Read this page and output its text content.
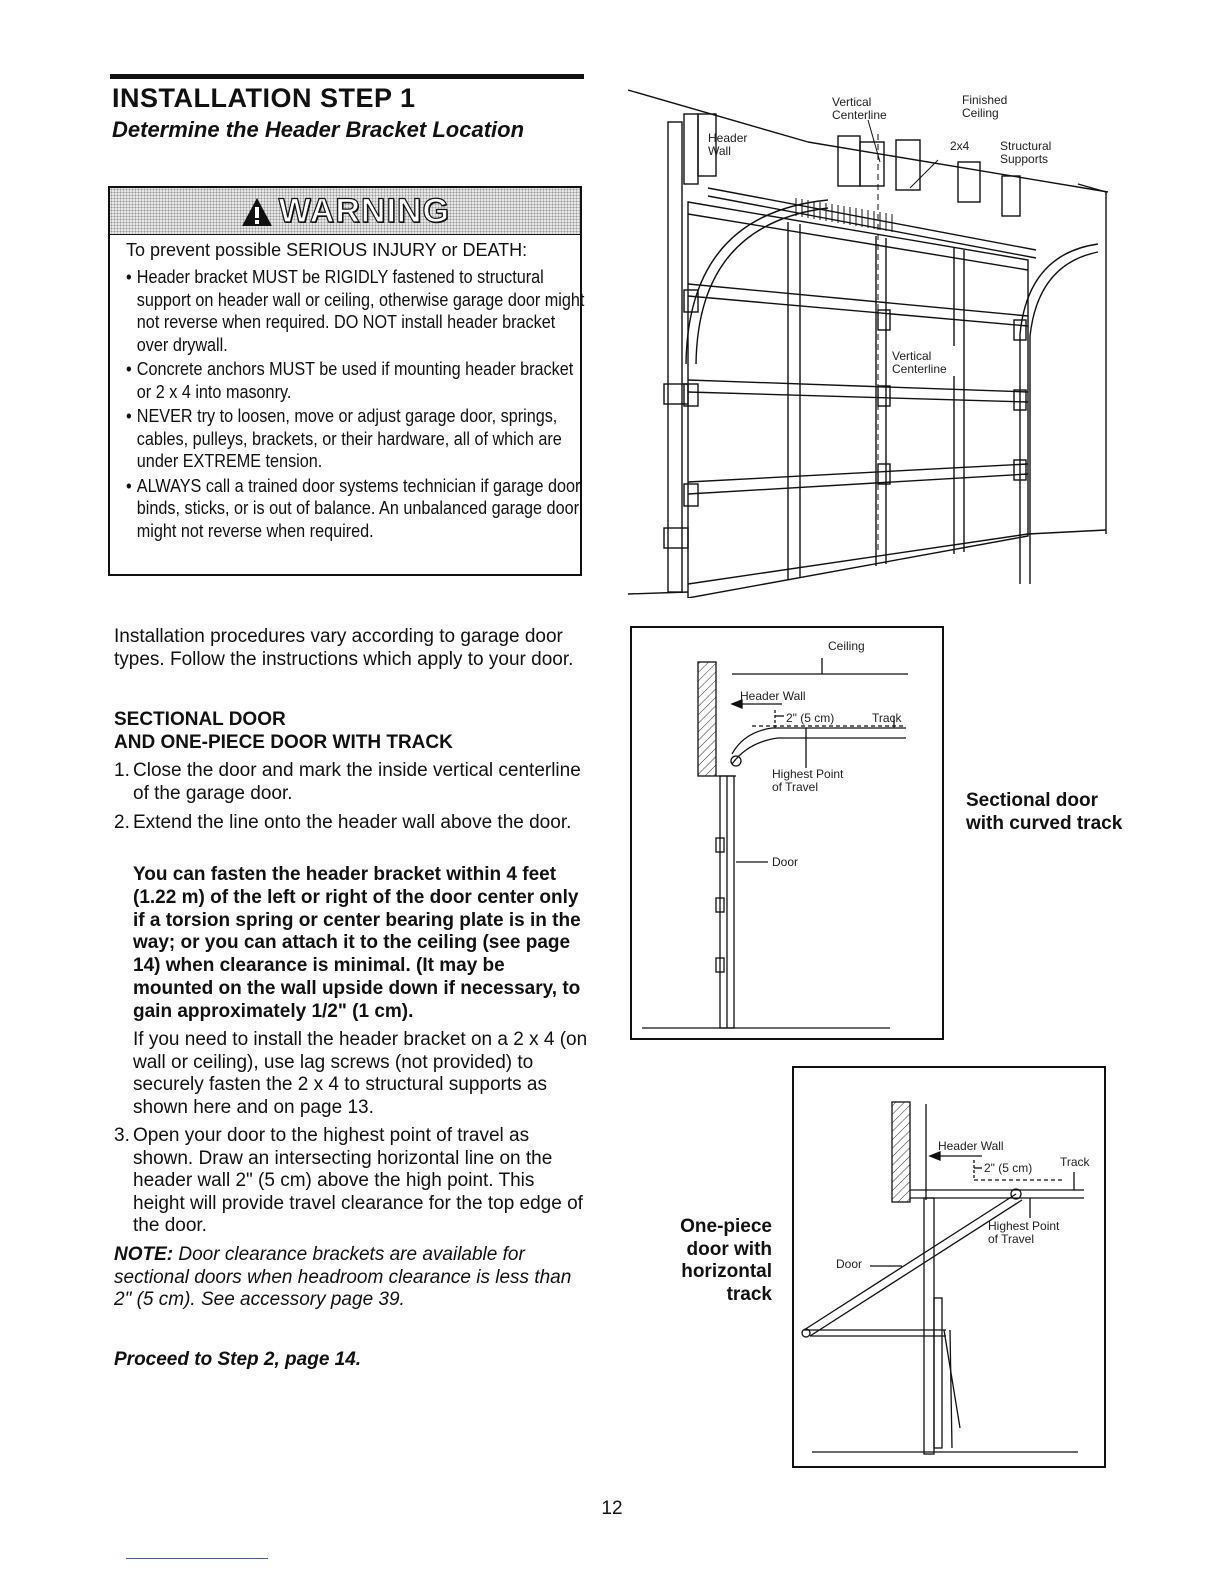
INSTALLATION STEP 1
Determine the Header Bracket Location
WARNING
To prevent possible SERIOUS INJURY or DEATH:
• Header bracket MUST be RIGIDLY fastened to structural support on header wall or ceiling, otherwise garage door might not reverse when required. DO NOT install header bracket over drywall.
• Concrete anchors MUST be used if mounting header bracket or 2 x 4 into masonry.
• NEVER try to loosen, move or adjust garage door, springs, cables, pulleys, brackets, or their hardware, all of which are under EXTREME tension.
• ALWAYS call a trained door systems technician if garage door binds, sticks, or is out of balance. An unbalanced garage door might not reverse when required.
Installation procedures vary according to garage door types. Follow the instructions which apply to your door.
SECTIONAL DOOR
AND ONE-PIECE DOOR WITH TRACK
1. Close the door and mark the inside vertical centerline of the garage door.
2. Extend the line onto the header wall above the door.
You can fasten the header bracket within 4 feet (1.22 m) of the left or right of the door center only if a torsion spring or center bearing plate is in the way; or you can attach it to the ceiling (see page 14) when clearance is minimal. (It may be mounted on the wall upside down if necessary, to gain approximately 1/2" (1 cm).
If you need to install the header bracket on a 2 x 4 (on wall or ceiling), use lag screws (not provided) to securely fasten the 2 x 4 to structural supports as shown here and on page 13.
3. Open your door to the highest point of travel as shown. Draw an intersecting horizontal line on the header wall 2" (5 cm) above the high point. This height will provide travel clearance for the top edge of the door.
NOTE: Door clearance brackets are available for sectional doors when headroom clearance is less than 2" (5 cm). See accessory page 39.
Proceed to Step 2, page 14.
Header
Wall
Vertical
Centerline
Finished
Ceiling
2x4	Structural
Supports
Vertical
Centerline
Ceiling
Header Wall
2" (5 cm)	Track
Highest Point
of Travel
Door
Sectional door with curved track
Header Wall
2" (5 cm) Track
Highest Point
of Travel
Door
One-piece door with horizontal track
12
